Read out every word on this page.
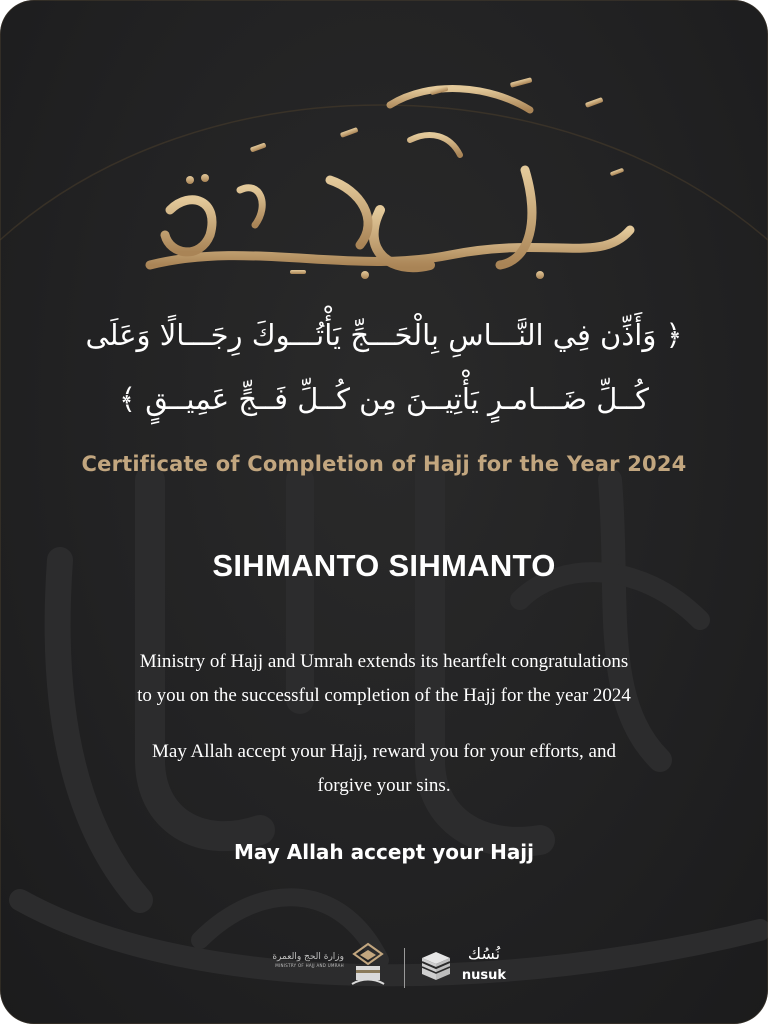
﴿ وَأَذِّن فِي النَّـــاسِ بِالْحَـــجِّ يَأْتُـــوكَ رِجَـــالًا وَعَلَى
كُــلِّ ضَـــامـرٍ يَأْتِيــنَ مِن كُــلِّ فَــجٍّ عَمِيــقٍ ﴾
Certificate of Completion of Hajj for the Year 2024
SIHMANTO SIHMANTO
Ministry of Hajj and Umrah extends its heartfelt congratulations
to you on the successful completion of the Hajj for the year 2024
May Allah accept your Hajj, reward you for your efforts, and
forgive your sins.
May Allah accept your Hajj
وزارة الحج والعمرة
MINISTRY OF HAJJ AND UMRAH
نُسُك
nusuk
